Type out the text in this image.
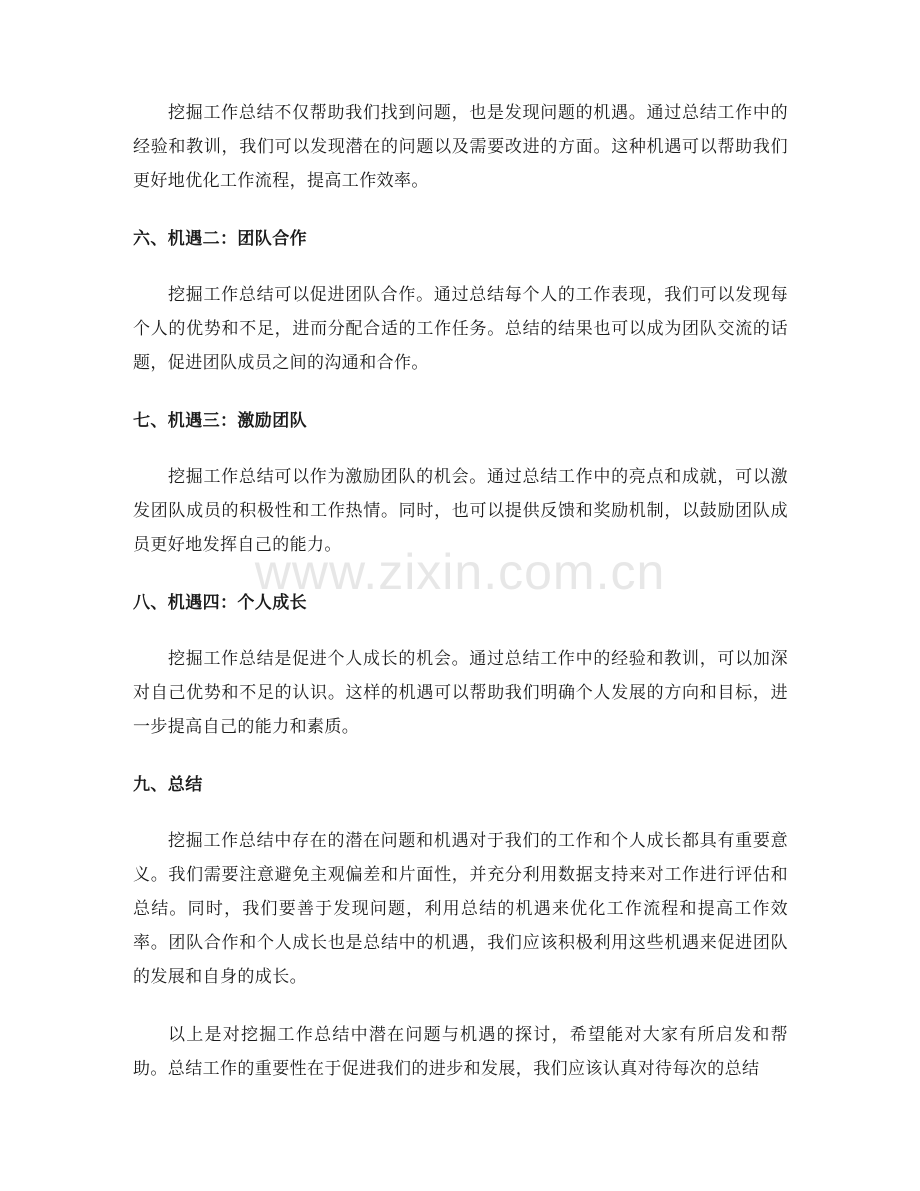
挖掘工作总结不仅帮助我们找到问题，也是发现问题的机遇。通过总结工作中的经验和教训，我们可以发现潜在的问题以及需要改进的方面。这种机遇可以帮助我们更好地优化工作流程，提高工作效率。

六、机遇二：团队合作

挖掘工作总结可以促进团队合作。通过总结每个人的工作表现，我们可以发现每个人的优势和不足，进而分配合适的工作任务。总结的结果也可以成为团队交流的话题，促进团队成员之间的沟通和合作。

七、机遇三：激励团队

挖掘工作总结可以作为激励团队的机会。通过总结工作中的亮点和成就，可以激发团队成员的积极性和工作热情。同时，也可以提供反馈和奖励机制，以鼓励团队成员更好地发挥自己的能力。

八、机遇四：个人成长

挖掘工作总结是促进个人成长的机会。通过总结工作中的经验和教训，可以加深对自己优势和不足的认识。这样的机遇可以帮助我们明确个人发展的方向和目标，进一步提高自己的能力和素质。

九、总结

挖掘工作总结中存在的潜在问题和机遇对于我们的工作和个人成长都具有重要意义。我们需要注意避免主观偏差和片面性，并充分利用数据支持来对工作进行评估和总结。同时，我们要善于发现问题，利用总结的机遇来优化工作流程和提高工作效率。团队合作和个人成长也是总结中的机遇，我们应该积极利用这些机遇来促进团队的发展和自身的成长。

以上是对挖掘工作总结中潜在问题与机遇的探讨，希望能对大家有所启发和帮助。总结工作的重要性在于促进我们的进步和发展，我们应该认真对待每次的总结

www.zixin.com.cn
